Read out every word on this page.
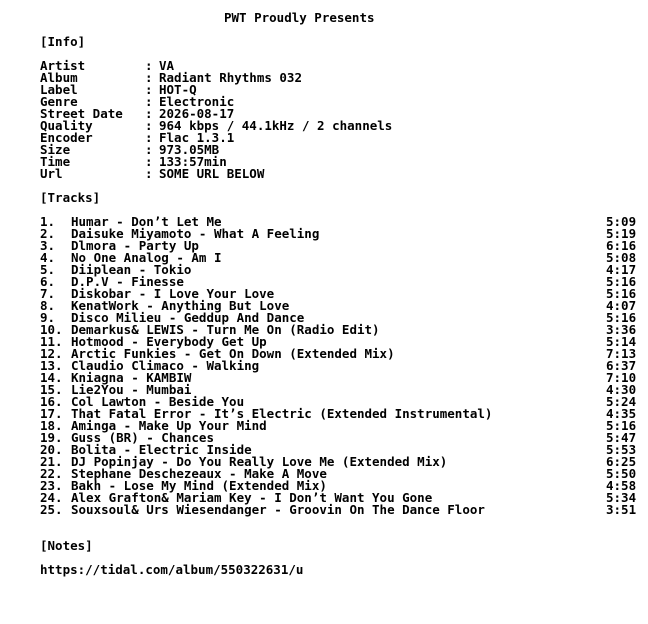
PWT Proudly Presents
[Info]
Artist	: VA
Album	: Radiant Rhythms 032
Label	: HOT-Q
Genre	: Electronic
Street Date : 2026-08-17
Quality	: 964 kbps / 44.1kHz / 2 channels
Encoder	: Flac 1.3.1
Size	: 973.05MB
Time	: 133:57min
Url	: SOME URL BELOW
[Tracks]
1. Humar - Don’t Let Me	5:09
2. Daisuke Miyamoto - What A Feeling	5:19
3. Dlmora - Party Up	6:16
4. No One Analog - Am I	5:08
5. Diiplean - Tokio	4:17
6. D.P.V - Finesse	5:16
7. Diskobar - I Love Your Love	5:16
8. KenatWork - Anything But Love	4:07
9. Disco Milieu - Geddup And Dance	5:16
10. Demarkus& LEWIS - Turn Me On (Radio Edit)	3:36
11. Hotmood - Everybody Get Up	5:14
12. Arctic Funkies - Get On Down (Extended Mix)	7:13
13. Claudio Climaco - Walking	6:37
14. Kniagna - KAMBIW	7:10
15. Lie2You - Mumbai	4:30
16. Col Lawton - Beside You	5:24
17. That Fatal Error - It’s Electric (Extended Instrumental)	4:35
18. Aminga - Make Up Your Mind	5:16
19. Guss (BR) - Chances	5:47
20. Bolita - Electric Inside	5:53
21. DJ Popinjay - Do You Really Love Me (Extended Mix)	6:25
22. Stephane Deschezeaux - Make A Move	5:50
23. Bakh - Lose My Mind (Extended Mix)	4:58
24. Alex Grafton& Mariam Key - I Don’t Want You Gone	5:34
25. Souxsoul& Urs Wiesendanger - Groovin On The Dance Floor	3:51
[Notes]
https://tidal.com/album/550322631/u
